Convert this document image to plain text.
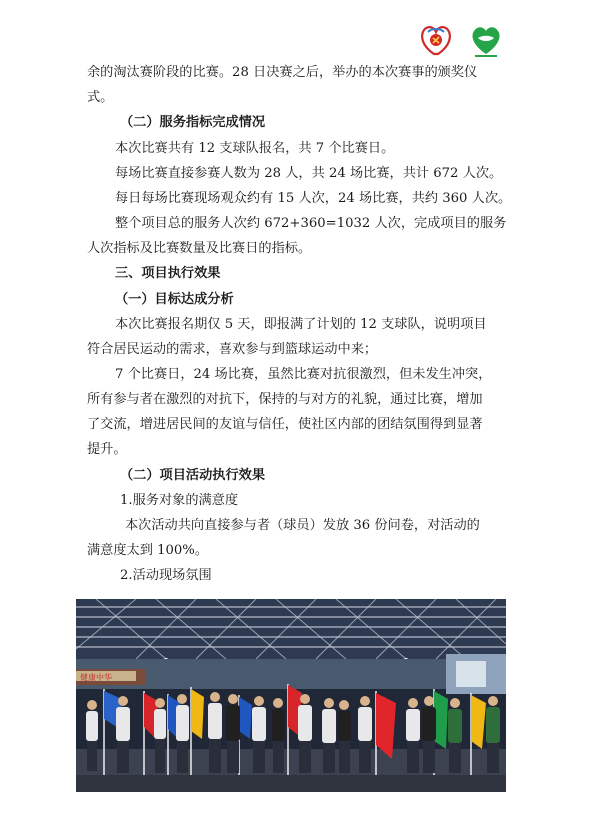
余的淘汰赛阶段的比赛。28 日决赛之后，举办的本次赛事的颁奖仪
式。
（二）服务指标完成情况
本次比赛共有 12 支球队报名，共 7 个比赛日。
每场比赛直接参赛人数为 28 人，共 24 场比赛，共计 672 人次。
每日每场比赛现场观众约有 15 人次，24 场比赛，共约 360 人次。
整个项目总的服务人次约 672+360=1032 人次，完成项目的服务
人次指标及比赛数量及比赛日的指标。
三、项目执行效果
（一）目标达成分析
本次比赛报名期仅 5 天，即报满了计划的 12 支球队，说明项目
符合居民运动的需求，喜欢参与到篮球运动中来；
7 个比赛日，24 场比赛，虽然比赛对抗很激烈，但未发生冲突，
所有参与者在激烈的对抗下，保持的与对方的礼貌，通过比赛，增加
了交流，增进居民间的友谊与信任，使社区内部的团结氛围得到显著
提升。
（二）项目活动执行效果
1.服务对象的满意度
本次活动共向直接参与者（球员）发放 36 份问卷，对活动的
满意度太到 100%。
2.活动现场氛围
健康中华
